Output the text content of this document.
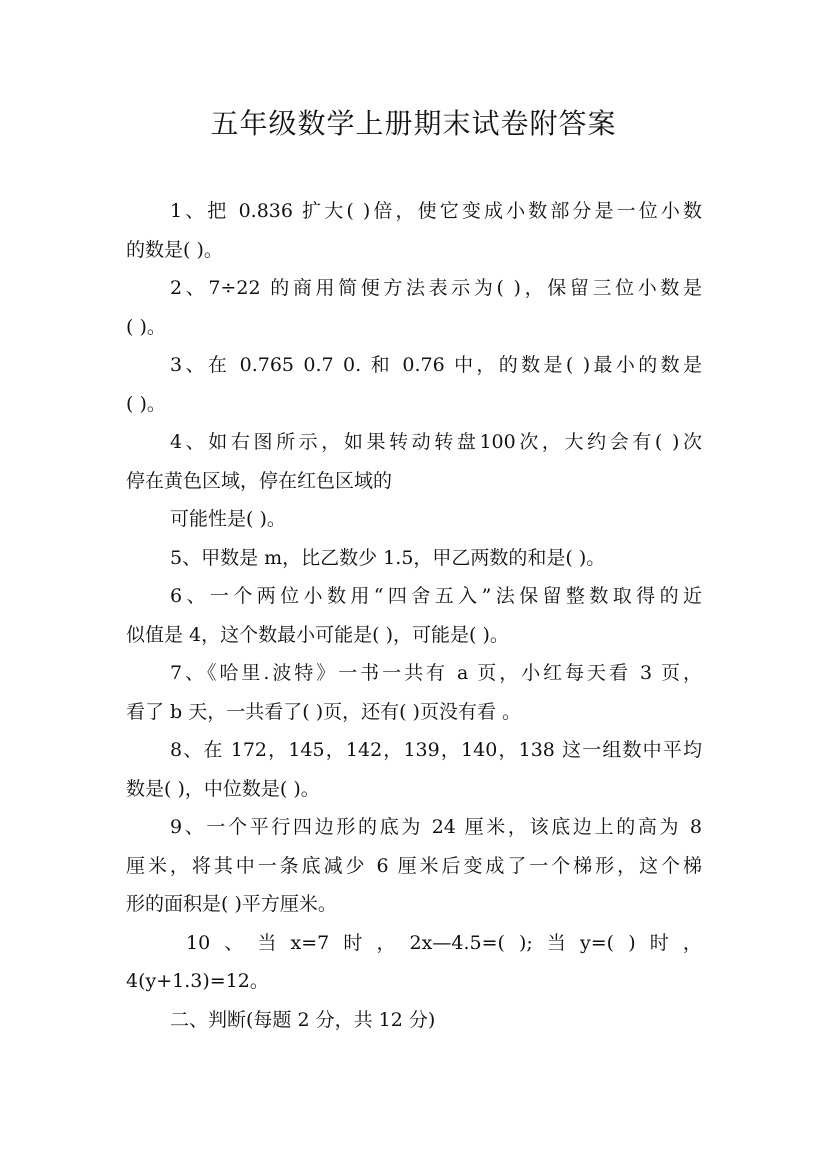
五年级数学上册期末试卷附答案
1、把 0.836 扩大( )倍，使它变成小数部分是一位小数
的数是( )。
2、7÷22 的商用简便方法表示为( )，保留三位小数是
( )。
3、在 0.765 0.7 0. 和 0.76 中，的数是( )最小的数是
( )。
4、如右图所示，如果转动转盘100次，大约会有( )次
停在黄色区域，停在红色区域的
可能性是( )。
5、甲数是 m，比乙数少 1.5，甲乙两数的和是( )。
6、一个两位小数用“四舍五入”法保留整数取得的近
似值是 4，这个数最小可能是( )，可能是( )。
7、《哈里.波特》一书一共有 a 页，小红每天看 3 页，
看了 b 天，一共看了( )页，还有( )页没有看 。
8、在 172，145，142，139，140，138 这一组数中平均
数是( )，中位数是( )。
9、一个平行四边形的底为 24 厘米，该底边上的高为 8
厘米，将其中一条底减少 6 厘米后变成了一个梯形，这个梯
形的面积是( )平方厘米。
10 、 当 x=7 时 ， 2x—4.5=( ); 当 y=( ) 时 ，
4(y+1.3)=12。
二、判断(每题 2 分，共 12 分)
